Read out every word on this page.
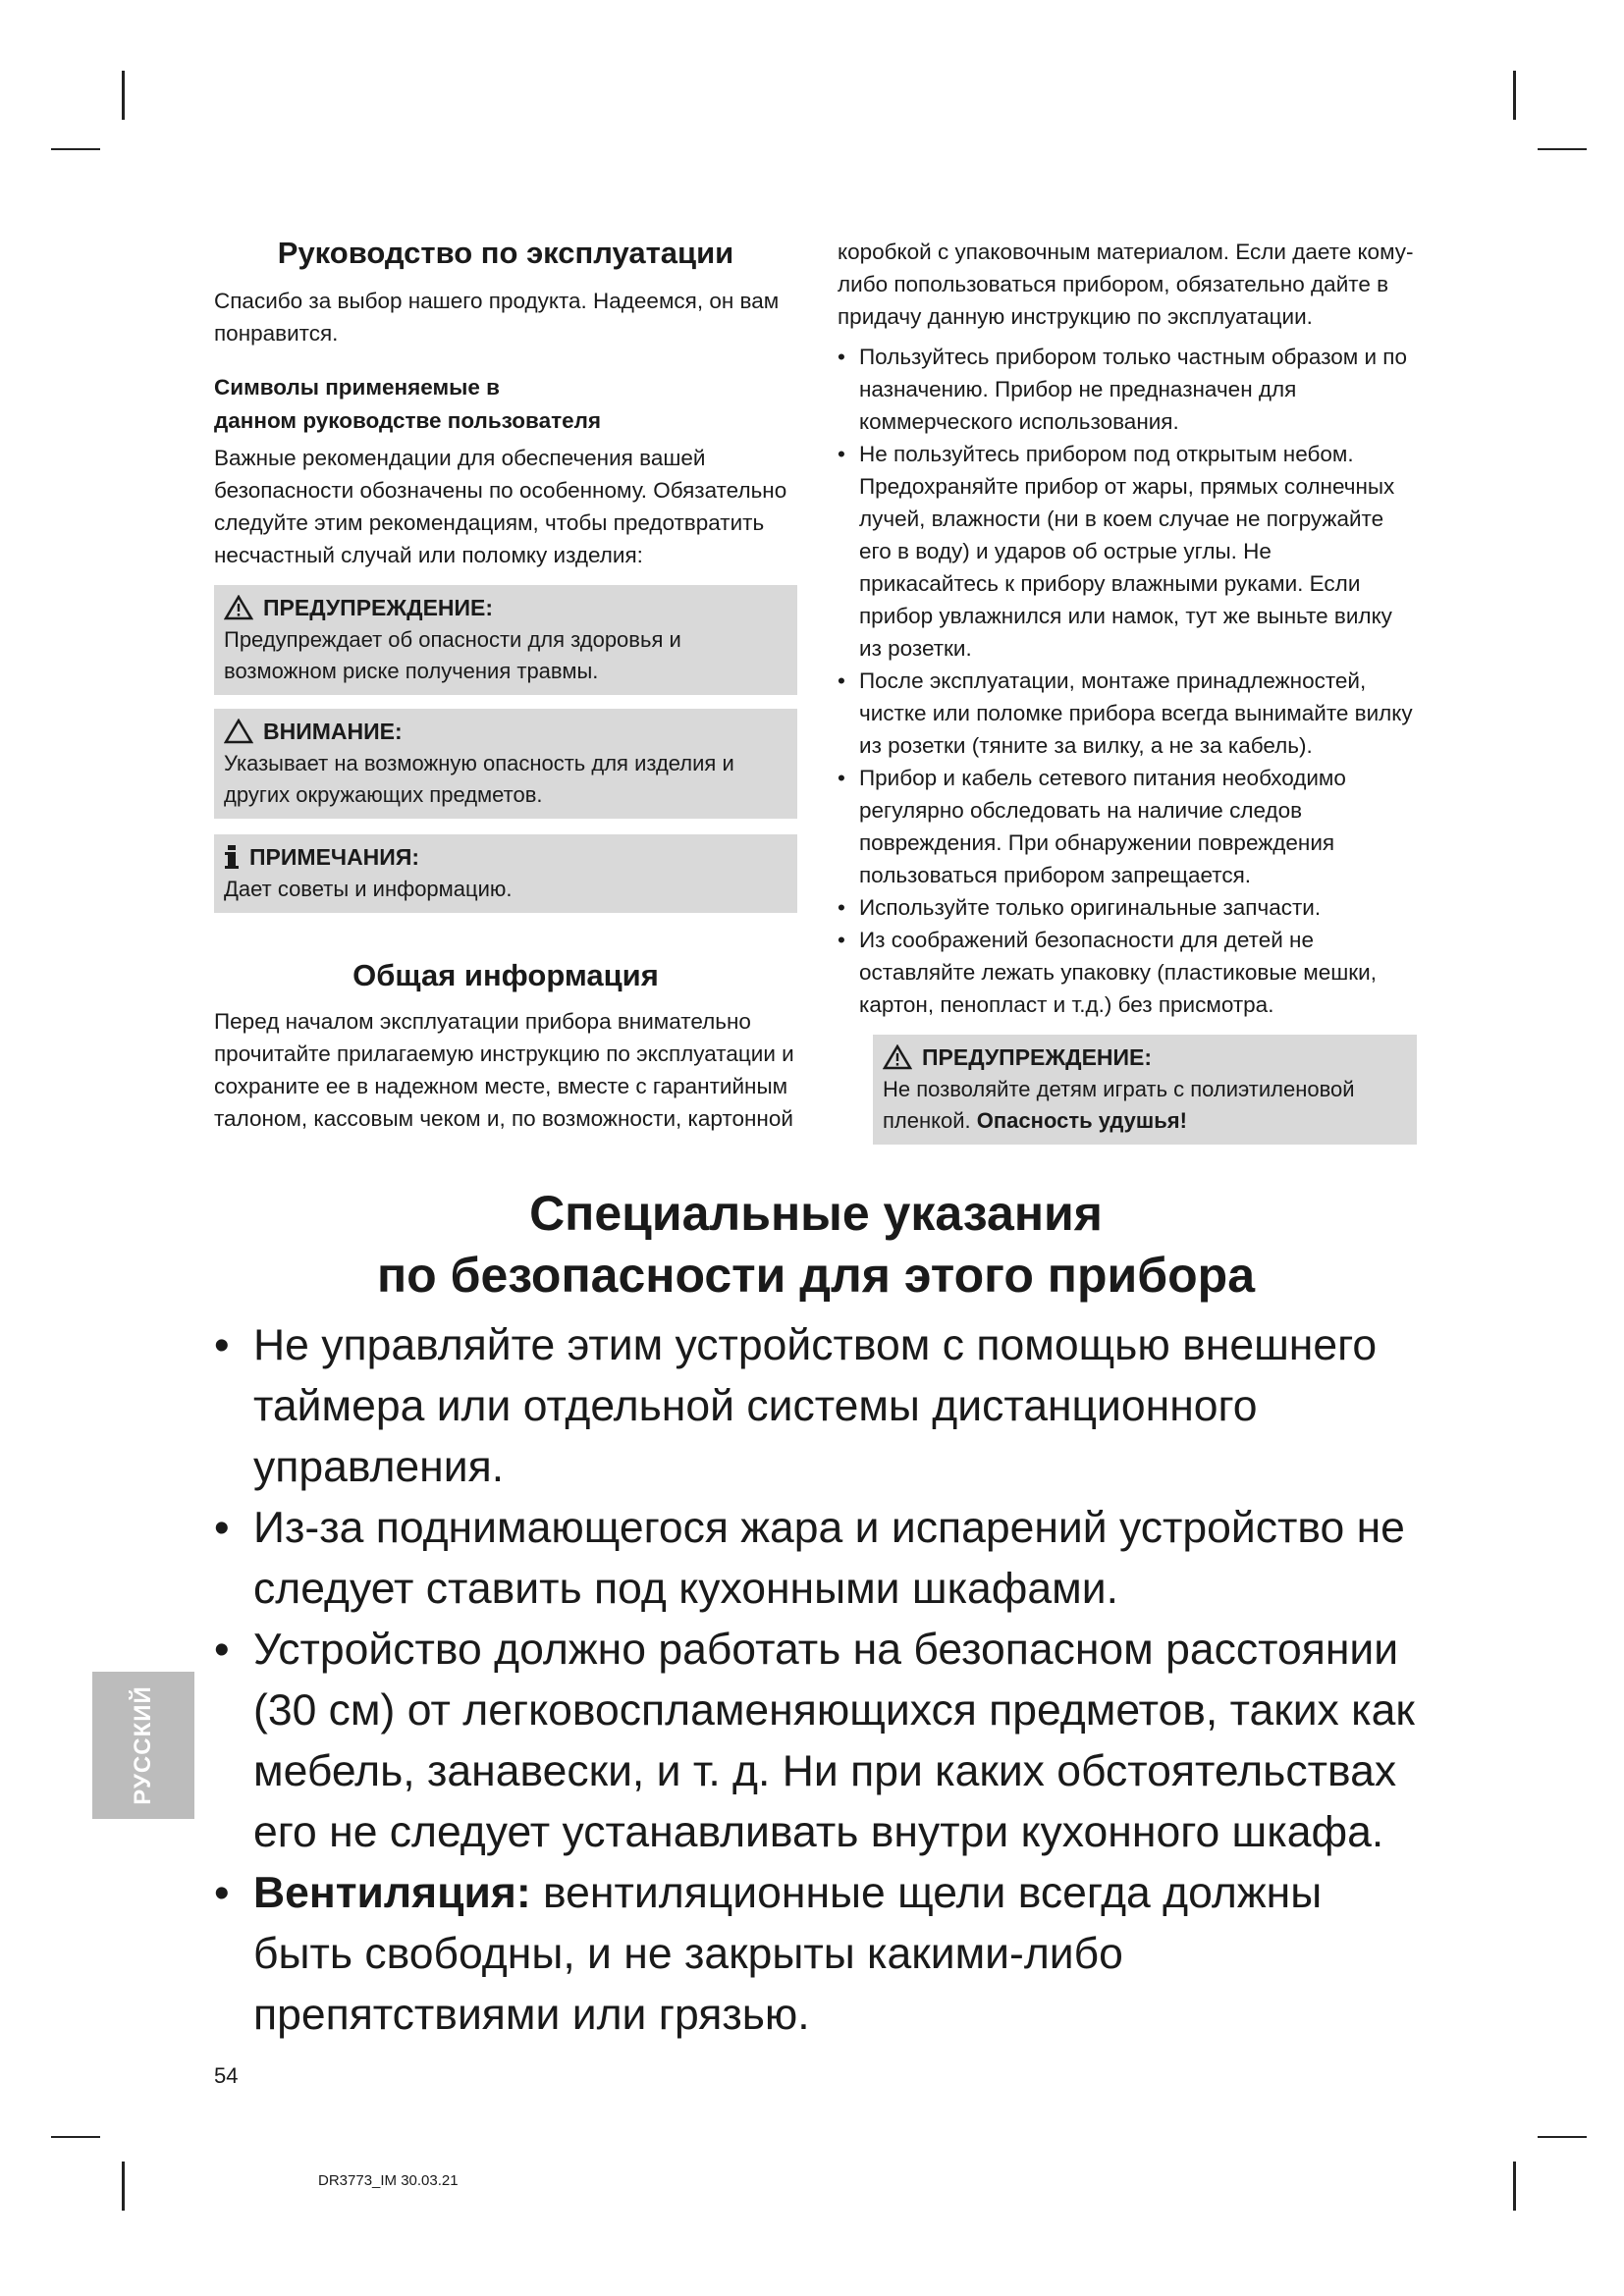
Руководство по эксплуатации

Спасибо за выбор нашего продукта. Надеемся, он вам понравится.

Символы применяемые в
данном руководстве пользователя

Важные рекомендации для обеспечения вашей безопасности обозначены по особенному. Обязательно следуйте этим рекомендациям, чтобы предотвратить несчастный случай или поломку изделия:

ПРЕДУПРЕЖДЕНИЕ:
Предупреждает об опасности для здоровья и возможном риске получения травмы.
ВНИМАНИЕ:
Указывает на возможную опасность для изделия и других окружающих предметов.
ПРИМЕЧАНИЯ:
Дает советы и информацию.
Общая информация

Перед началом эксплуатации прибора внимательно прочитайте прилагаемую инструкцию по эксплуатации и сохраните ее в надежном месте, вместе с гарантийным талоном, кассовым чеком и, по возможности, картонной

коробкой с упаковочным материалом. Если даете кому-либо попользоваться прибором, обязательно дайте в придачу данную инструкцию по эксплуатации.

• Пользуйтесь прибором только частным образом и по назначению. Прибор не предназначен для коммерческого использования.
• Не пользуйтесь прибором под открытым небом. Предохраняйте прибор от жары, прямых солнечных лучей, влажности (ни в коем случае не погружайте его в воду) и ударов об острые углы. Не прикасайтесь к прибору влажными руками. Если прибор увлажнился или намок, тут же выньте вилку из розетки.
• После эксплуатации, монтаже принадлежностей, чистке или поломке прибора всегда вынимайте вилку из розетки (тяните за вилку, а не за кабель).
• Прибор и кабель сетевого питания необходимо регулярно обследовать на наличие следов повреждения. При обнаружении повреждения пользоваться прибором запрещается.
• Используйте только оригинальные запчасти.
• Из соображений безопасности для детей не оставляйте лежать упаковку (пластиковые мешки, картон, пенопласт и т.д.) без присмотра.
ПРЕДУПРЕЖДЕНИЕ:
Не позволяйте детям играть с полиэтиленовой пленкой. Опасность удушья!
Специальные указания
по безопасности для этого прибора
• Не управляйте этим устройством с помощью внешнего таймера или отдельной системы дистанционного управления.
• Из-за поднимающегося жара и испарений устройство не следует ставить под кухонными шкафами.
• Устройство должно работать на безопасном расстоянии (30 см) от легковоспламеняющихся предметов, таких как мебель, занавески, и т. д. Ни при каких обстоятельствах его не следует устанавливать внутри кухонного шкафа.
• Вентиляция: вентиляционные щели всегда должны быть свободны, и не закрыты какими-либо препятствиями или грязью.
РУССКИЙ
54
DR3773_IM 30.03.21
